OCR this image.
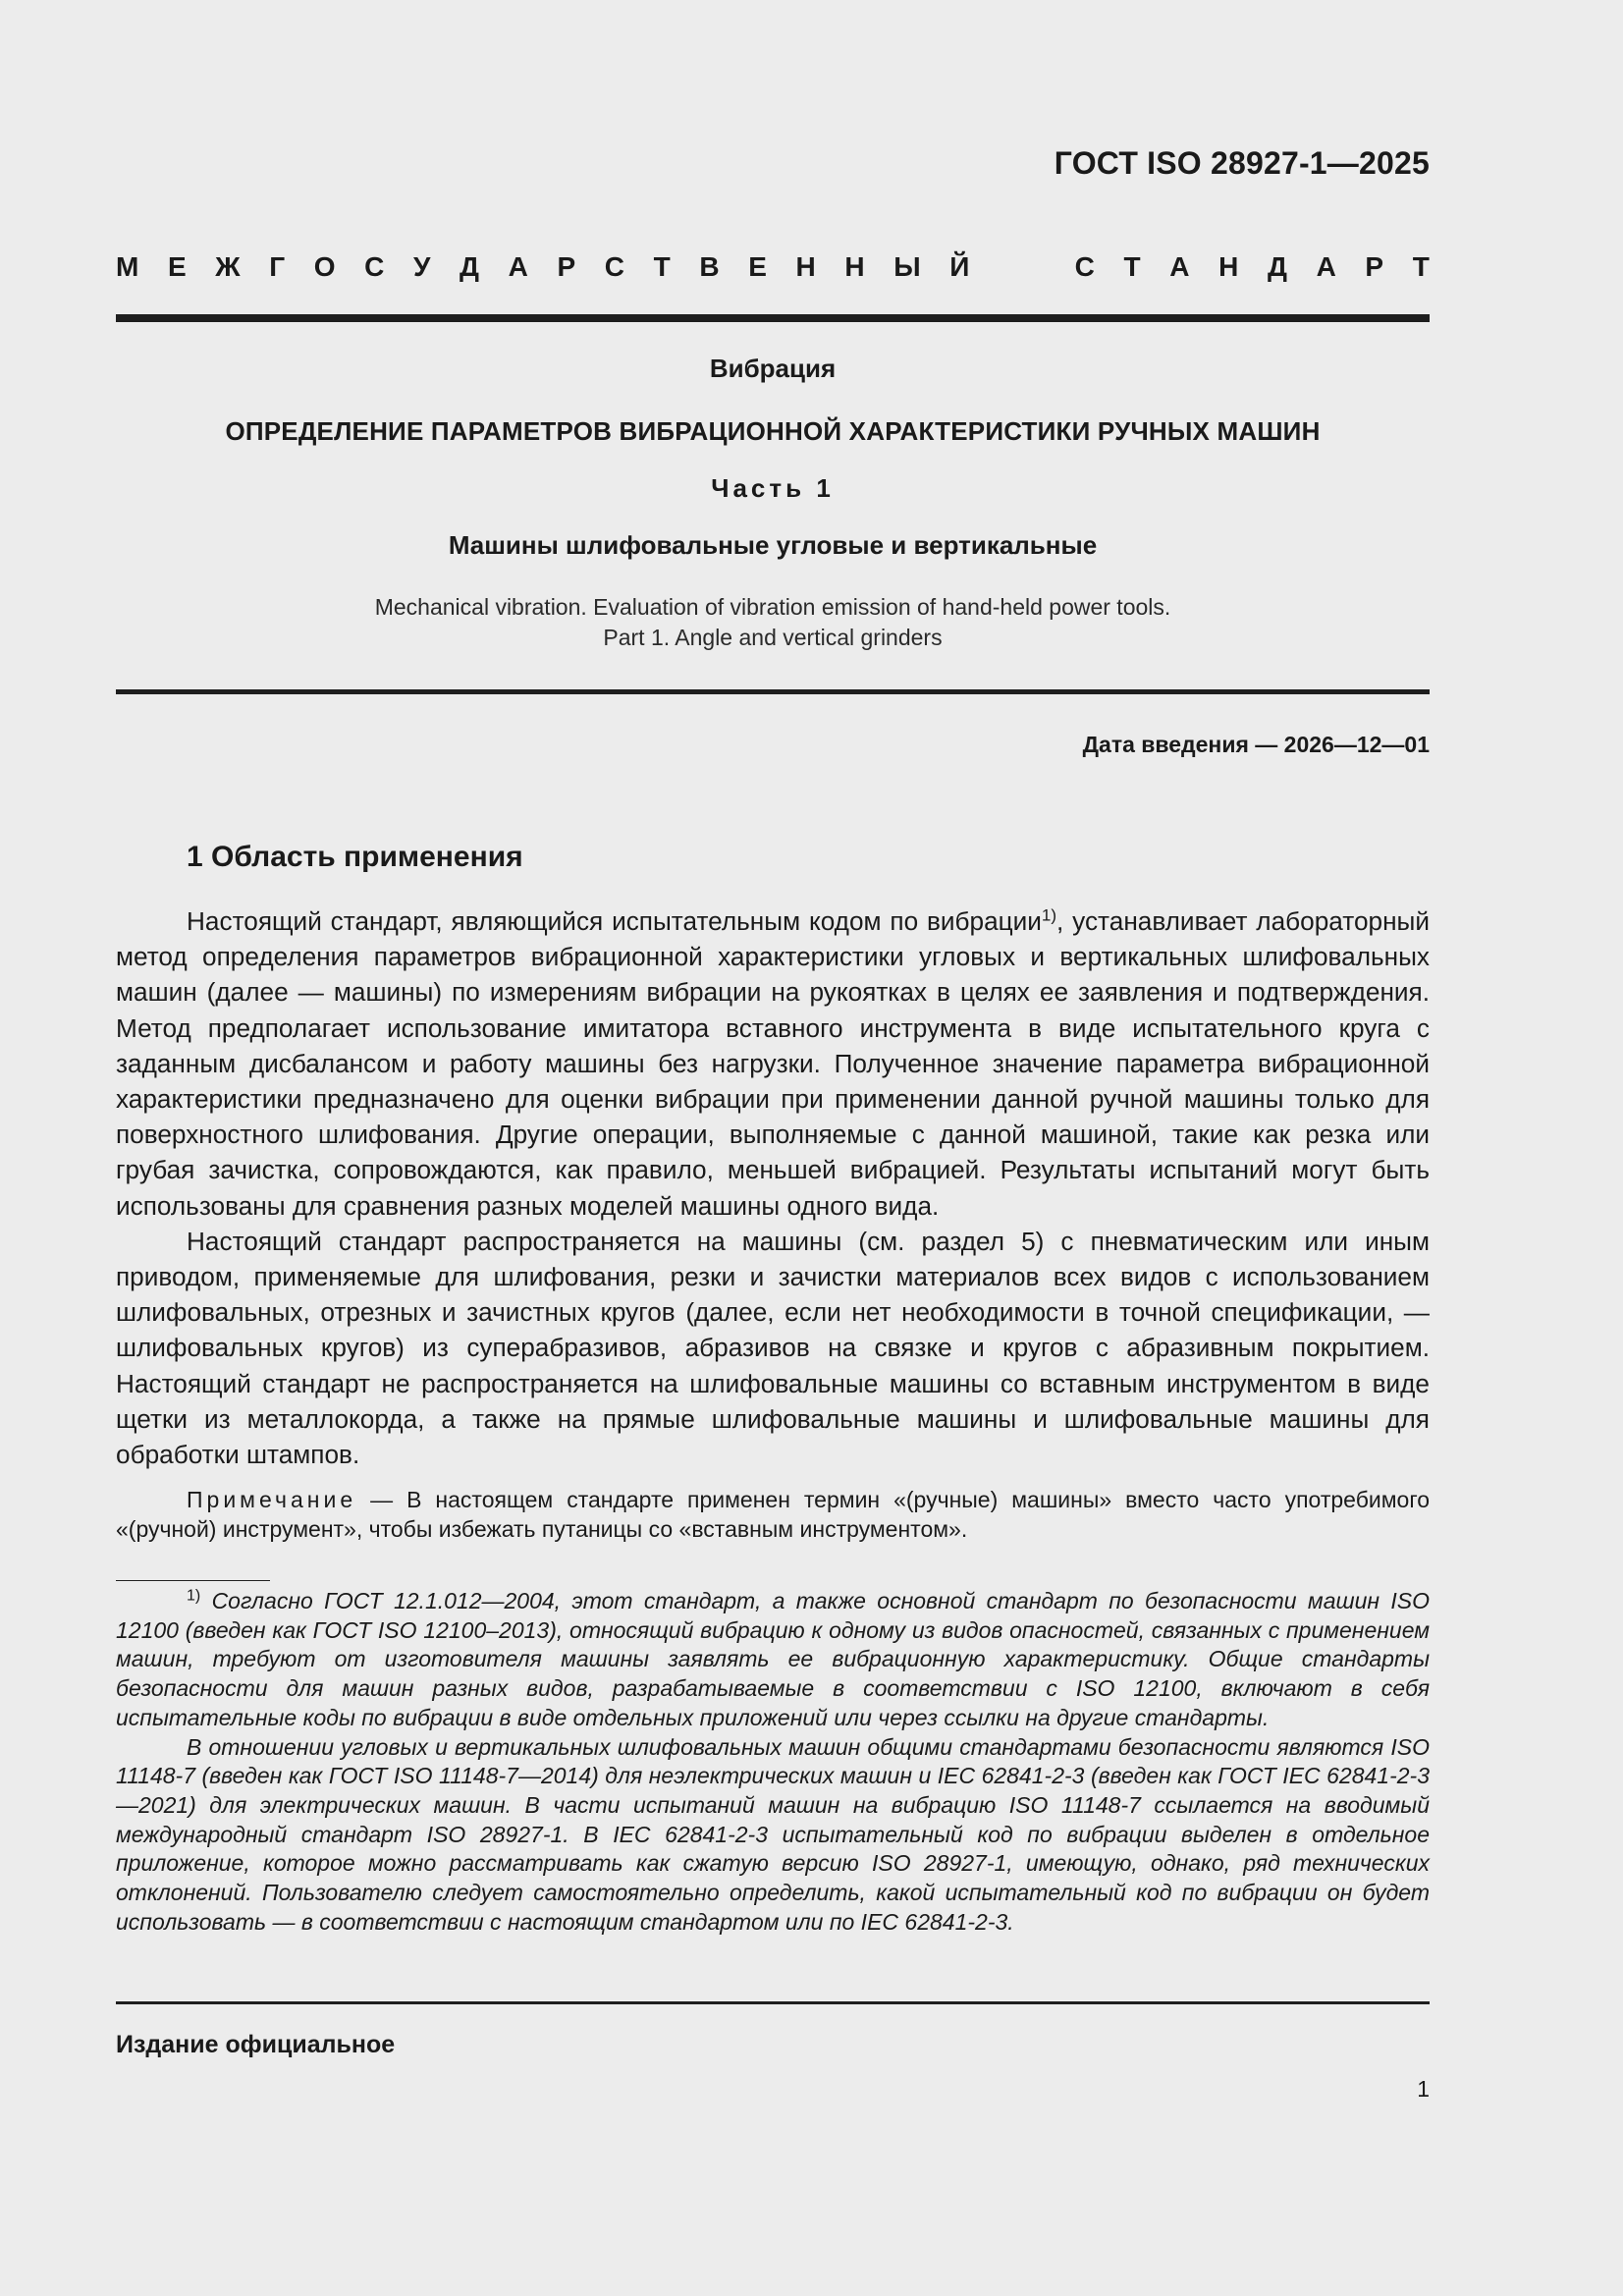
ГОСТ ISO 28927-1—2025
М Е Ж Г О С У Д А Р С Т В Е Н Н Ы Й	С Т А Н Д А Р Т
Вибрация
ОПРЕДЕЛЕНИЕ ПАРАМЕТРОВ ВИБРАЦИОННОЙ ХАРАКТЕРИСТИКИ РУЧНЫХ МАШИН
Часть 1
Машины шлифовальные угловые и вертикальные
Mechanical vibration. Evaluation of vibration emission of hand-held power tools.
Part 1. Angle and vertical grinders
Дата введения — 2026—12—01
1 Область применения

Настоящий стандарт, являющийся испытательным кодом по вибрации$^{1)}$, устанавливает лабораторный метод определения параметров вибрационной характеристики угловых и вертикальных шлифовальных машин (далее — машины) по измерениям вибрации на рукоятках в целях ее заявления и подтверждения. Метод предполагает использование имитатора вставного инструмента в виде испытательного круга с заданным дисбалансом и работу машины без нагрузки. Полученное значение параметра вибрационной характеристики предназначено для оценки вибрации при применении данной ручной машины только для поверхностного шлифования. Другие операции, выполняемые с данной машиной, такие как резка или грубая зачистка, сопровождаются, как правило, меньшей вибрацией. Результаты испытаний могут быть использованы для сравнения разных моделей машины одного вида.

Настоящий стандарт распространяется на машины (см. раздел 5) с пневматическим или иным приводом, применяемые для шлифования, резки и зачистки материалов всех видов с использованием шлифовальных, отрезных и зачистных кругов (далее, если нет необходимости в точной спецификации, — шлифовальных кругов) из суперабразивов, абразивов на связке и кругов с абразивным покрытием. Настоящий стандарт не распространяется на шлифовальные машины со вставным инструментом в виде щетки из металлокорда, а также на прямые шлифовальные машины и шлифовальные машины для обработки штампов.

Примечание — В настоящем стандарте применен термин «(ручные) машины» вместо часто употребимого «(ручной) инструмент», чтобы избежать путаницы со «вставным инструментом».

$^{1)}$ Согласно ГОСТ 12.1.012—2004, этот стандарт, а также основной стандарт по безопасности машин ISO 12100 (введен как ГОСТ ISO 12100–2013), относящий вибрацию к одному из видов опасностей, связанных с применением машин, требуют от изготовителя машины заявлять ее вибрационную характеристику. Общие стандарты безопасности для машин разных видов, разрабатываемые в соответствии с ISO 12100, включают в себя испытательные коды по вибрации в виде отдельных приложений или через ссылки на другие стандарты.

В отношении угловых и вертикальных шлифовальных машин общими стандартами безопасности являются ISO 11148-7 (введен как ГОСТ ISO 11148-7—2014) для неэлектрических машин и IEC 62841-2-3 (введен как ГОСТ IEC 62841-2-3—2021) для электрических машин. В части испытаний машин на вибрацию ISO 11148-7 ссылается на вводимый международный стандарт ISO 28927-1. В IEC 62841-2-3 испытательный код по вибрации выделен в отдельное приложение, которое можно рассматривать как сжатую версию ISO 28927-1, имеющую, однако, ряд технических отклонений. Пользователю следует самостоятельно определить, какой испытательный код по вибрации он будет использовать — в соответствии с настоящим стандартом или по IEC 62841-2-3.

Издание официальное
1
